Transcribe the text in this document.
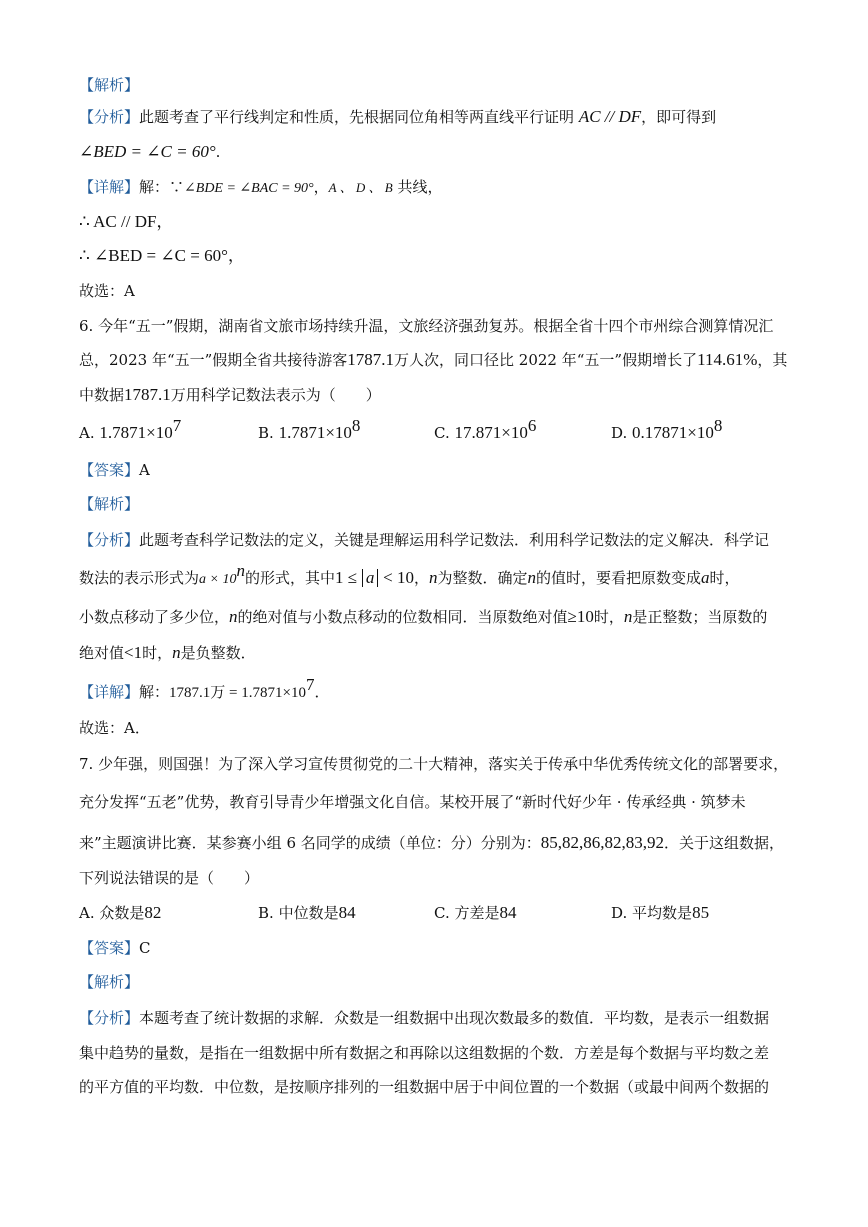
【解析】
【分析】此题考查了平行线判定和性质，先根据同位角相等两直线平行证明 AC // DF，即可得到
∠BED = ∠C = 60°.
【详解】解：∵∠BDE = ∠BAC = 90°，A 、 D 、 B 共线，
∴ AC // DF，
∴ ∠BED = ∠C = 60°，
故选：A
6. 今年“五一”假期，湖南省文旅市场持续升温，文旅经济强劲复苏。根据全省十四个市州综合测算情况汇
总，2023 年“五一”假期全省共接待游客1787.1万人次，同口径比 2022 年“五一”假期增长了114.61%，其
中数据1787.1万用科学记数法表示为（　　）
A. $1.7871\times 10^7$	B. $1.7871\times 10^8$	C. $17.871\times 10^6$	D. $0.17871\times 10^8$
【答案】A
【解析】
【分析】此题考查科学记数法的定义，关键是理解运用科学记数法．利用科学记数法的定义解决．科学记
数法的表示形式为$a \times 10^n$的形式，其中1 ≤ a < 10，n为整数．确定n的值时，要看把原数变成a时，
小数点移动了多少位，n的绝对值与小数点移动的位数相同．当原数绝对值≥10时，n是正整数；当原数的
绝对值<1时，n是负整数．
【详解】解：1787.1万 = $1.7871\times 10^7$．
故选：A．
7. 少年强，则国强！为了深入学习宣传贯彻党的二十大精神，落实关于传承中华优秀传统文化的部署要求，
充分发挥“五老”优势，教育引导青少年增强文化自信。某校开展了“新时代好少年 · 传承经典 · 筑梦未
来”主题演讲比赛．某参赛小组 6 名同学的成绩（单位：分）分别为：85,82,86,82,83,92．关于这组数据，
下列说法错误的是（　　）
A. 众数是82	B. 中位数是84	C. 方差是84	D. 平均数是85
【答案】C
【解析】
【分析】本题考查了统计数据的求解．众数是一组数据中出现次数最多的数值．平均数，是表示一组数据
集中趋势的量数，是指在一组数据中所有数据之和再除以这组数据的个数．方差是每个数据与平均数之差
的平方值的平均数．中位数，是按顺序排列的一组数据中居于中间位置的一个数据（或最中间两个数据的
